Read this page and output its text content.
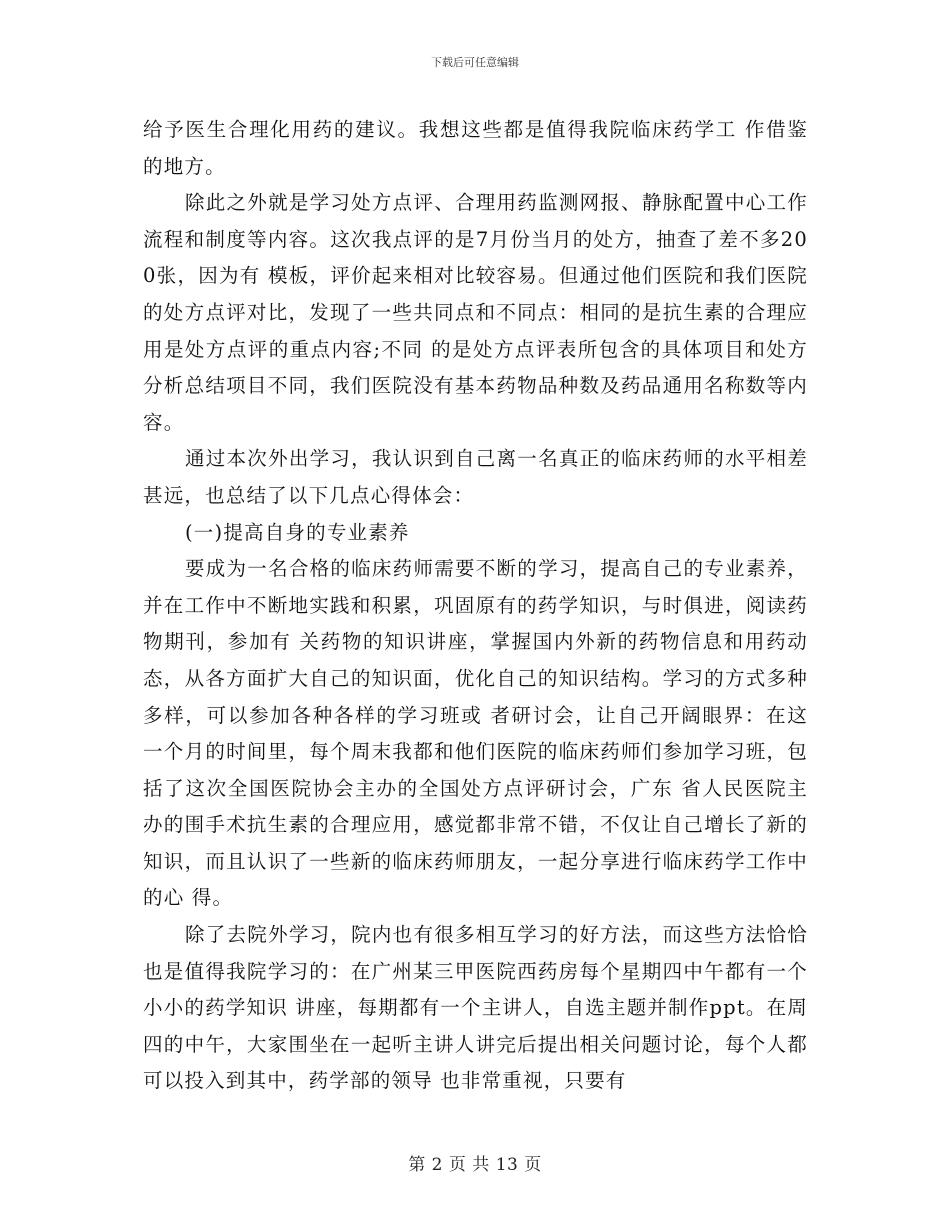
下载后可任意编辑

给予医生合理化用药的建议。我想这些都是值得我院临床药学工 作借鉴的地方。

除此之外就是学习处方点评、合理用药监测网报、静脉配置中心工作流程和制度等内容。这次我点评的是7月份当月的处方，抽查了差不多200张，因为有 模板，评价起来相对比较容易。但通过他们医院和我们医院的处方点评对比，发现了一些共同点和不同点：相同的是抗生素的合理应用是处方点评的重点内容;不同 的是处方点评表所包含的具体项目和处方分析总结项目不同，我们医院没有基本药物品种数及药品通用名称数等内容。

通过本次外出学习，我认识到自己离一名真正的临床药师的水平相差甚远，也总结了以下几点心得体会：

(一)提高自身的专业素养

要成为一名合格的临床药师需要不断的学习，提高自己的专业素养，并在工作中不断地实践和积累，巩固原有的药学知识，与时俱进，阅读药物期刊，参加有 关药物的知识讲座，掌握国内外新的药物信息和用药动态，从各方面扩大自己的知识面，优化自己的知识结构。学习的方式多种多样，可以参加各种各样的学习班或 者研讨会，让自己开阔眼界：在这一个月的时间里，每个周末我都和他们医院的临床药师们参加学习班，包括了这次全国医院协会主办的全国处方点评研讨会，广东 省人民医院主办的围手术抗生素的合理应用，感觉都非常不错，不仅让自己增长了新的知识，而且认识了一些新的临床药师朋友，一起分享进行临床药学工作中的心 得。

除了去院外学习，院内也有很多相互学习的好方法，而这些方法恰恰也是值得我院学习的：在广州某三甲医院西药房每个星期四中午都有一个小小的药学知识 讲座，每期都有一个主讲人，自选主题并制作ppt。在周四的中午，大家围坐在一起听主讲人讲完后提出相关问题讨论，每个人都可以投入到其中，药学部的领导 也非常重视，只要有

第 2 页 共 13 页
